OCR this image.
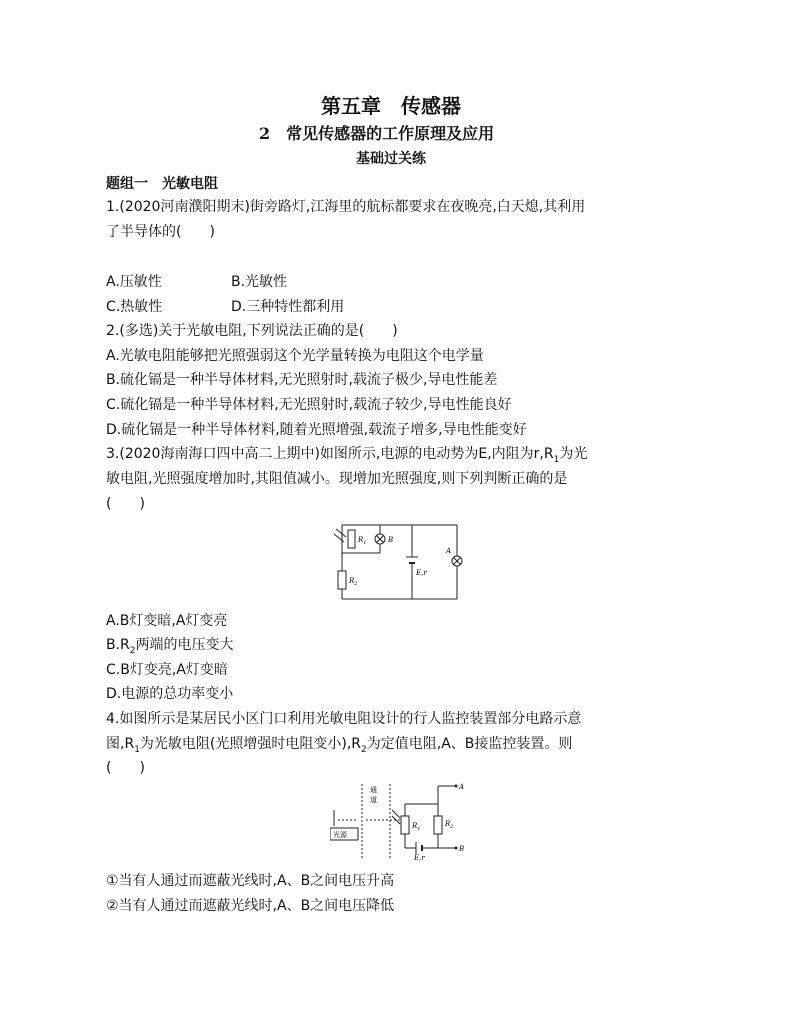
第五章　传感器
2　常见传感器的工作原理及应用
基础过关练
题组一　光敏电阻
1.(2020河南濮阳期末)街旁路灯,江海里的航标都要求在夜晚亮,白天熄,其利用
了半导体的(　　)
A.压敏性	B.光敏性
C.热敏性	D.三种特性都利用
2.(多选)关于光敏电阻,下列说法正确的是(　　)
A.光敏电阻能够把光照强弱这个光学量转换为电阻这个电学量
B.硫化镉是一种半导体材料,无光照射时,载流子极少,导电性能差
C.硫化镉是一种半导体材料,无光照射时,载流子较少,导电性能良好
D.硫化镉是一种半导体材料,随着光照增强,载流子增多,导电性能变好
3.(2020海南海口四中高二上期中)如图所示,电源的电动势为E,内阻为$r,R_1$为光
敏电阻,光照强度增加时,其阻值减小。现增加光照强度,则下列判断正确的是
(　　)
$R_1$	B
$R_2$
E,r
A
A.B灯变暗,A灯变亮
$B.R_2$两端的电压变大
C.B灯变亮,A灯变暗
D.电源的总功率变小
4.如图所示是某居民小区门口利用光敏电阻设计的行人监控装置部分电路示意
图$,R_1$为光敏电阻(光照增强时电阻变小)$,R_2$为定值电阻,A、B接监控装置。则
(　　)
光源
通
道
$R_1$
$R_2$
E,r
A
B
①当有人通过而遮蔽光线时,A、B之间电压升高
②当有人通过而遮蔽光线时,A、B之间电压降低
